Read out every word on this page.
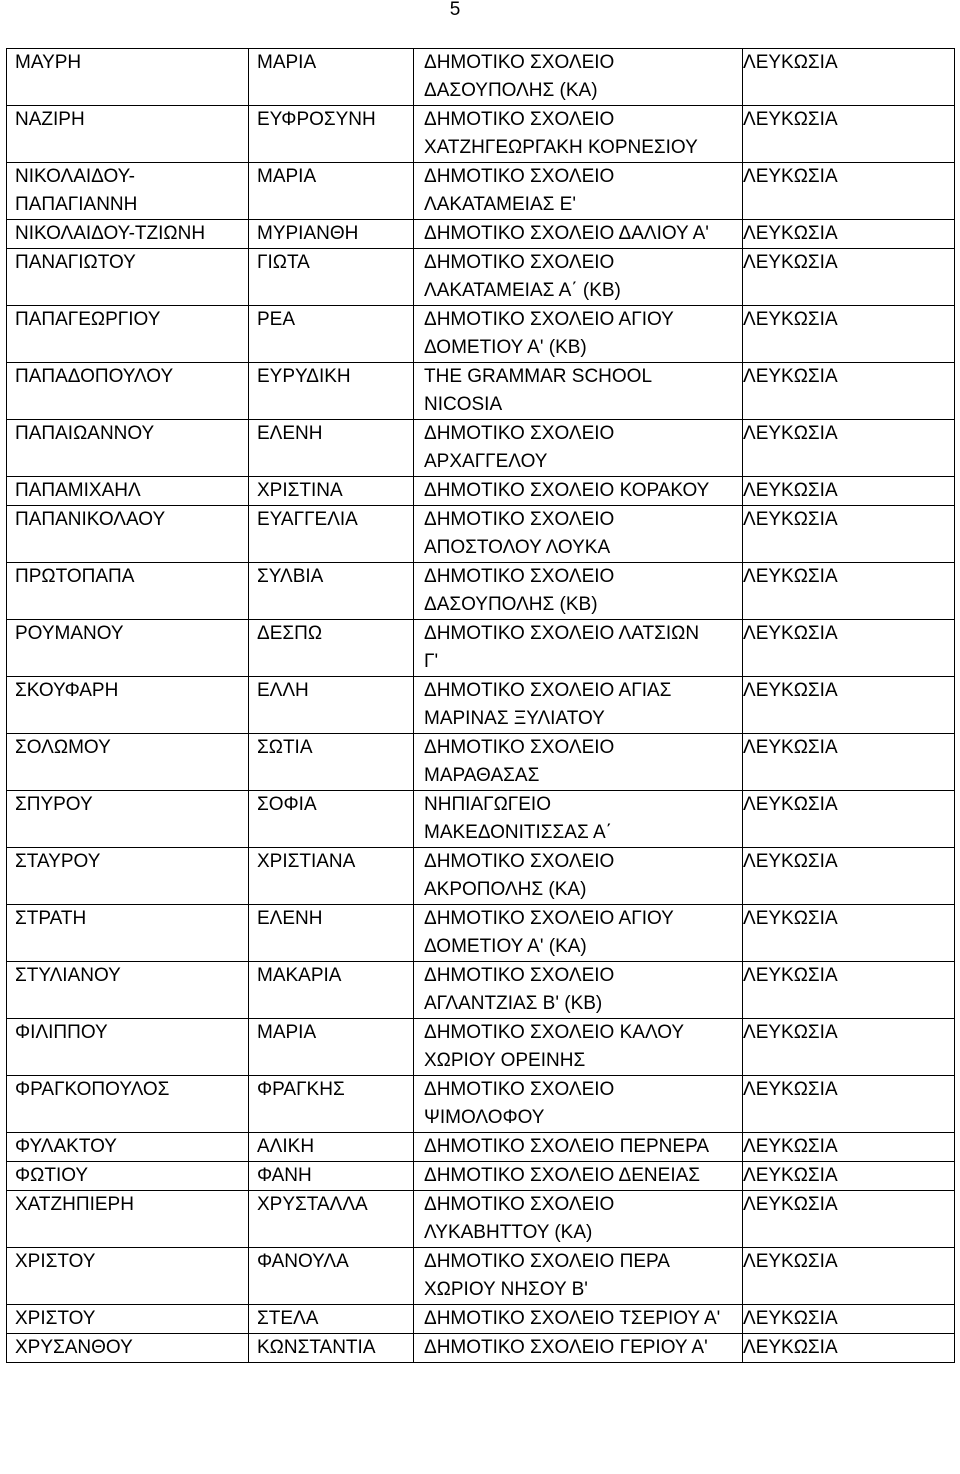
5
ΜΑΥΡΗ	ΜΑΡΙΑ	ΔΗΜΟΤΙΚΟ ΣΧΟΛΕΙΟ
ΔΑΣΟΥΠΟΛΗΣ (ΚΑ)	ΛΕΥΚΩΣΙΑ

ΝΑΖΙΡΗ	ΕΥΦΡΟΣΥΝΗ	ΔΗΜΟΤΙΚΟ ΣΧΟΛΕΙΟ
ΧΑΤΖΗΓΕΩΡΓΑΚΗ ΚΟΡΝΕΣΙΟΥ	ΛΕΥΚΩΣΙΑ

ΝΙΚΟΛΑΙΔΟΥ-
ΠΑΠΑΓΙΑΝΝΗ	ΜΑΡΙΑ	ΔΗΜΟΤΙΚΟ ΣΧΟΛΕΙΟ
ΛΑΚΑΤΑΜΕΙΑΣ Ε'	ΛΕΥΚΩΣΙΑ

ΝΙΚΟΛΑΙΔΟΥ-ΤΖΙΩΝΗ	ΜΥΡΙΑΝΘΗ	ΔΗΜΟΤΙΚΟ ΣΧΟΛΕΙΟ ΔΑΛΙΟΥ Α'	ΛΕΥΚΩΣΙΑ

ΠΑΝΑΓΙΩΤΟΥ	ΓΙΩΤΑ	ΔΗΜΟΤΙΚΟ ΣΧΟΛΕΙΟ
ΛΑΚΑΤΑΜΕΙΑΣ Α΄ (ΚΒ)	ΛΕΥΚΩΣΙΑ

ΠΑΠΑΓΕΩΡΓΙΟΥ	ΡΕΑ	ΔΗΜΟΤΙΚΟ ΣΧΟΛΕΙΟ ΑΓΙΟΥ
ΔΟΜΕΤΙΟΥ Α' (ΚΒ)	ΛΕΥΚΩΣΙΑ

ΠΑΠΑΔΟΠΟΥΛΟΥ	ΕΥΡΥΔΙΚΗ	THE GRAMMAR SCHOOL
NICOSIA	ΛΕΥΚΩΣΙΑ

ΠΑΠΑΙΩΑΝΝΟΥ	ΕΛΕΝΗ	ΔΗΜΟΤΙΚΟ ΣΧΟΛΕΙΟ
ΑΡΧΑΓΓΕΛΟΥ	ΛΕΥΚΩΣΙΑ

ΠΑΠΑΜΙΧΑΗΛ	ΧΡΙΣΤΙΝΑ	ΔΗΜΟΤΙΚΟ ΣΧΟΛΕΙΟ ΚΟΡΑΚΟΥ	ΛΕΥΚΩΣΙΑ

ΠΑΠΑΝΙΚΟΛΑΟΥ	ΕΥΑΓΓΕΛΙΑ	ΔΗΜΟΤΙΚΟ ΣΧΟΛΕΙΟ
ΑΠΟΣΤΟΛΟΥ ΛΟΥΚΑ	ΛΕΥΚΩΣΙΑ

ΠΡΩΤΟΠΑΠΑ	ΣΥΛΒΙΑ	ΔΗΜΟΤΙΚΟ ΣΧΟΛΕΙΟ
ΔΑΣΟΥΠΟΛΗΣ (ΚΒ)	ΛΕΥΚΩΣΙΑ

ΡΟΥΜΑΝΟΥ	ΔΕΣΠΩ	ΔΗΜΟΤΙΚΟ ΣΧΟΛΕΙΟ ΛΑΤΣΙΩΝ
Γ'	ΛΕΥΚΩΣΙΑ

ΣΚΟΥΦΑΡΗ	ΕΛΛΗ	ΔΗΜΟΤΙΚΟ ΣΧΟΛΕΙΟ ΑΓΙΑΣ
ΜΑΡΙΝΑΣ ΞΥΛΙΑΤΟΥ	ΛΕΥΚΩΣΙΑ

ΣΟΛΩΜΟΥ	ΣΩΤΙΑ	ΔΗΜΟΤΙΚΟ ΣΧΟΛΕΙΟ
ΜΑΡΑΘΑΣΑΣ	ΛΕΥΚΩΣΙΑ

ΣΠΥΡΟΥ	ΣΟΦΙΑ	ΝΗΠΙΑΓΩΓΕΙΟ
ΜΑΚΕΔΟΝΙΤΙΣΣΑΣ Α΄	ΛΕΥΚΩΣΙΑ

ΣΤΑΥΡΟΥ	ΧΡΙΣΤΙΑΝΑ	ΔΗΜΟΤΙΚΟ ΣΧΟΛΕΙΟ
ΑΚΡΟΠΟΛΗΣ (ΚΑ)	ΛΕΥΚΩΣΙΑ

ΣΤΡΑΤΗ	ΕΛΕΝΗ	ΔΗΜΟΤΙΚΟ ΣΧΟΛΕΙΟ ΑΓΙΟΥ
ΔΟΜΕΤΙΟΥ Α' (ΚΑ)	ΛΕΥΚΩΣΙΑ

ΣΤΥΛΙΑΝΟΥ	ΜΑΚΑΡΙΑ	ΔΗΜΟΤΙΚΟ ΣΧΟΛΕΙΟ
ΑΓΛΑΝΤΖΙΑΣ Β' (ΚΒ)	ΛΕΥΚΩΣΙΑ

ΦΙΛΙΠΠΟΥ	ΜΑΡΙΑ	ΔΗΜΟΤΙΚΟ ΣΧΟΛΕΙΟ ΚΑΛΟΥ
ΧΩΡΙΟΥ ΟΡΕΙΝΗΣ	ΛΕΥΚΩΣΙΑ

ΦΡΑΓΚΟΠΟΥΛΟΣ	ΦΡΑΓΚΗΣ	ΔΗΜΟΤΙΚΟ ΣΧΟΛΕΙΟ
ΨΙΜΟΛΟΦΟΥ	ΛΕΥΚΩΣΙΑ

ΦΥΛΑΚΤΟΥ	ΑΛΙΚΗ	ΔΗΜΟΤΙΚΟ ΣΧΟΛΕΙΟ ΠΕΡΝΕΡΑ	ΛΕΥΚΩΣΙΑ

ΦΩΤΙΟΥ	ΦΑΝΗ	ΔΗΜΟΤΙΚΟ ΣΧΟΛΕΙΟ ΔΕΝΕΙΑΣ	ΛΕΥΚΩΣΙΑ

ΧΑΤΖΗΠΙΕΡΗ	ΧΡΥΣΤΑΛΛΑ	ΔΗΜΟΤΙΚΟ ΣΧΟΛΕΙΟ
ΛΥΚΑΒΗΤΤΟΥ (ΚΑ)	ΛΕΥΚΩΣΙΑ

ΧΡΙΣΤΟΥ	ΦΑΝΟΥΛΑ	ΔΗΜΟΤΙΚΟ ΣΧΟΛΕΙΟ ΠΕΡΑ
ΧΩΡΙΟΥ ΝΗΣΟΥ Β'	ΛΕΥΚΩΣΙΑ

ΧΡΙΣΤΟΥ	ΣΤΕΛΑ	ΔΗΜΟΤΙΚΟ ΣΧΟΛΕΙΟ ΤΣΕΡΙΟΥ Α'	ΛΕΥΚΩΣΙΑ

ΧΡΥΣΑΝΘΟΥ	ΚΩΝΣΤΑΝΤΙΑ	ΔΗΜΟΤΙΚΟ ΣΧΟΛΕΙΟ ΓΕΡΙΟΥ Α'	ΛΕΥΚΩΣΙΑ
